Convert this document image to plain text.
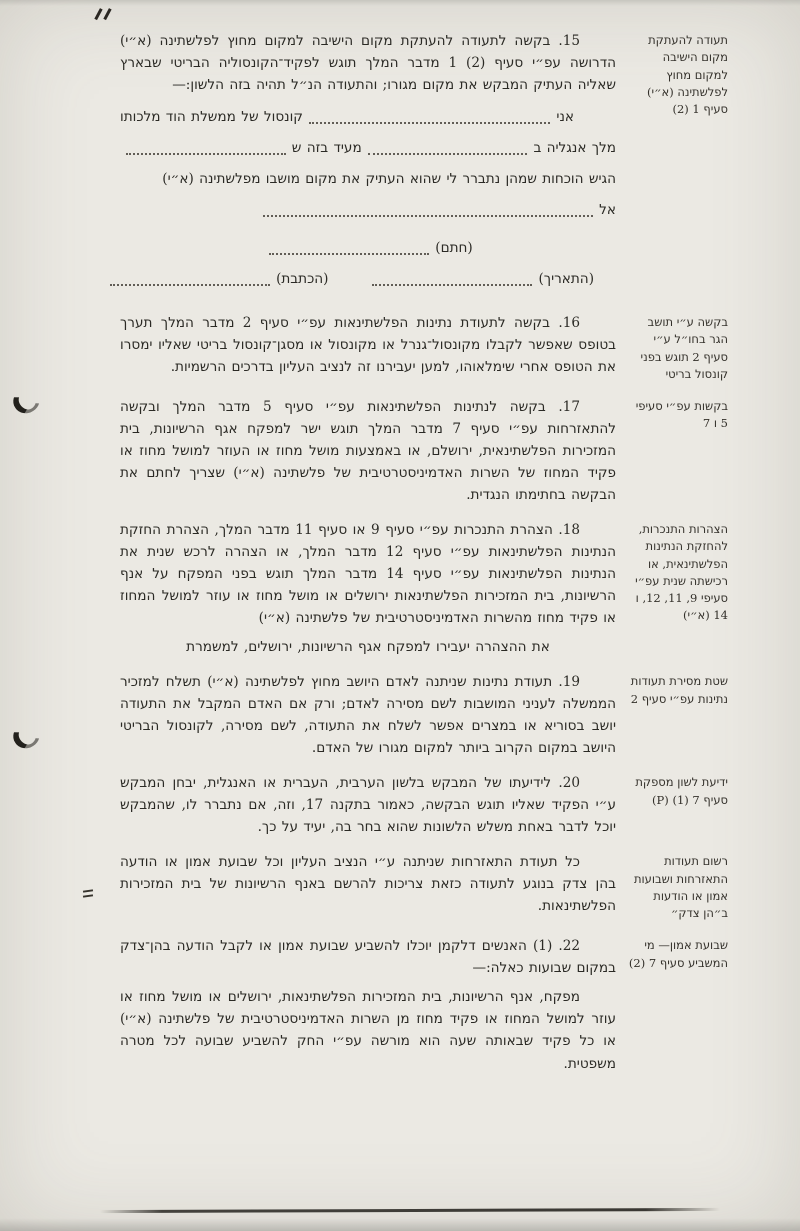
תעודה להעתקת מקום הישיבה למקום מחוץ לפלשתינה (א״י) סעיף 1 (2)

15. בקשה לתעודה להעתקת מקום הישיבה למקום מחוץ לפלשתינה (א״י) הדרושה עפ״י סעיף (2) 1 מדבר המלך תוגש לפקיד־הקונסוליה הבריטי שבארץ שאליה העתיק המבקש את מקום מגורו; והתעודה הנ״ל תהיה בזה הלשון:—

אני
קונסול של ממשלת הוד מלכותו
מלך אנגליה ב
מעיד בזה ש
הגיש הוכחות שמהן נתברר לי שהוא העתיק את מקום מושבו מפלשתינה (א״י)
אל
(חתם)
(התאריך)
(הכתבת)
בקשה ע״י תושב הגר בחו״ל ע״י סעיף 2 תוגש בפני קונסול בריטי

16. בקשה לתעודת נתינות הפלשתינאות עפ״י סעיף 2 מדבר המלך תערך בטופס שאפשר לקבלו מקונסול־גנרל או מקונסול או מסגן־קונסול בריטי שאליו ימסרו את הטופס אחרי שימלאוהו, למען יעבירנו זה לנציב העליון בדרכים הרשמיות.

בקשות עפ״י סעיפי 5 ו 7

17. בקשה לנתינות הפלשתינאות עפ״י סעיף 5 מדבר המלך ובקשה להתאזרחות עפ״י סעיף 7 מדבר המלך תוגש ישר למפקח אגף הרשיונות, בית המזכירות הפלשתינאית, ירושלם, או באמצעות מושל מחוז או העוזר למושל מחוז או פקיד המחוז של השרות האדמיניסטרטיבית של פלשתינה (א״י) שצריך לחתם את הבקשה בחתימתו הנגדית.

הצהרות התנכרות, להחזקת הנתינות הפלשתינאית, או רכישתה שנית עפ״י סעיפי 9, 11, 12, ו 14 (א״י)

18. הצהרת התנכרות עפ״י סעיף 9 או סעיף 11 מדבר המלך, הצהרת החזקת הנתינות הפלשתינאות עפ״י סעיף 12 מדבר המלך, או הצהרה לרכש שנית את הנתינות הפלשתינאות עפ״י סעיף 14 מדבר המלך תוגש בפני המפקח על אנף הרשיונות, בית המזכירות הפלשתינאות ירושלים או מושל מחוז או עוזר למושל המחוז או פקיד מחוז מהשרות האדמיניסטרטיבית של פלשתינה (א״י)

את ההצהרה יעבירו למפקח אגף הרשיונות, ירושלים, למשמרת

שטת מסירת תעודות נתינות עפ״י סעיף 2

19. תעודת נתינות שניתנה לאדם היושב מחוץ לפלשתינה (א״י) תשלח למזכיר הממשלה לעניני המושבות לשם מסירה לאדם; ורק אם האדם המקבל את התעודה יושב בסוריא או במצרים אפשר לשלח את התעודה, לשם מסירה, לקונסול הבריטי היושב במקום הקרוב ביותר למקום מגורו של האדם.

ידיעת לשון מספקת סעיף 7 (1) (P)

20. לידיעתו של המבקש בלשון הערבית, העברית או האנגלית, יבחן המבקש ע״י הפקיד שאליו תוגש הבקשה, כאמור בתקנה 17, וזה, אם נתברר לו, שהמבקש יוכל לדבר באחת משלש הלשונות שהוא בחר בה, יעיד על כך.

רשום תעודות התאזרחות ושבועות אמון או הודעות ב״הן צדק״

כל תעודת התאזרחות שניתנה ע״י הנציב העליון וכל שבועת אמון או הודעה בהן צדק בנוגע לתעודה כזאת צריכות להרשם באנף הרשיונות של בית המזכירות הפלשתינאות.

שבועת אמון— מי המשביע סעיף 7 (2)

22. (1) האנשים דלקמן יוכלו להשביע שבועת אמון או לקבל הודעה בהן־צדק במקום שבועות כאלה:—

מפקח, אנף הרשיונות, בית המזכירות הפלשתינאות, ירושלים או מושל מחוז או עוזר למושל המחוז או פקיד מחוז מן השרות האדמיניסטרטיבית של פלשתינה (א״י) או כל פקיד שבאותה שעה הוא מורשה עפ״י החק להשביע שבועה לכל מטרה משפטית.
